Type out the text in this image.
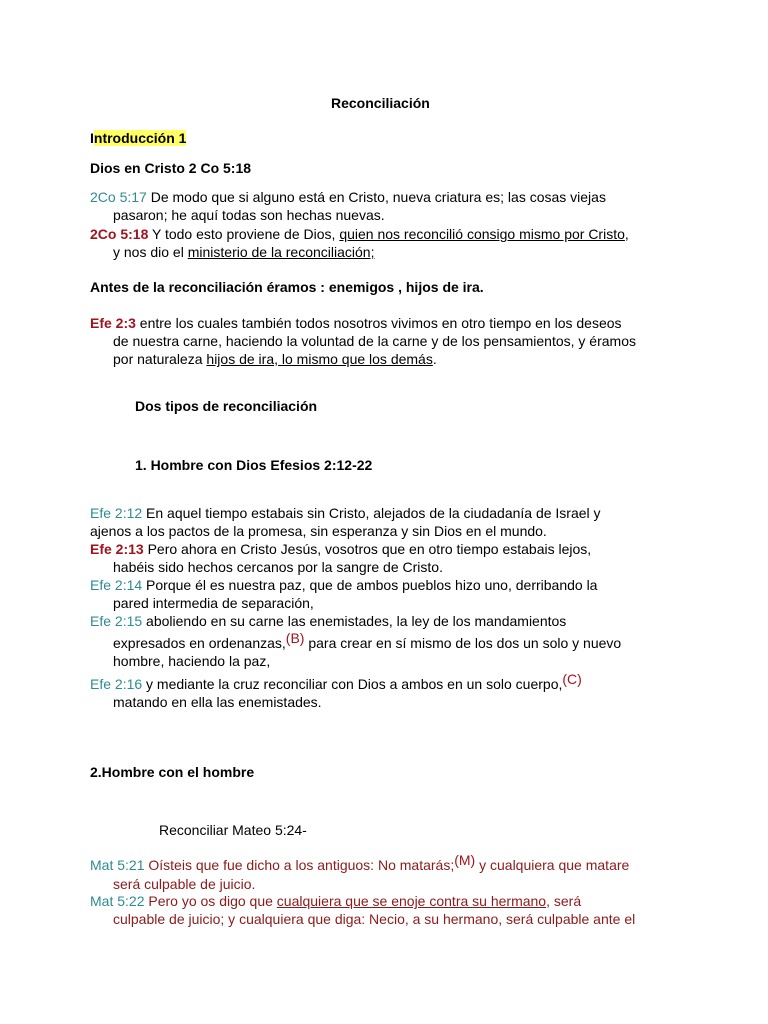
Reconciliación
Introducción 1
Dios en Cristo 2 Co 5:18
2Co 5:17 De modo que si alguno está en Cristo, nueva criatura es; las cosas viejas
pasaron; he aquí todas son hechas nuevas.
2Co 5:18 Y todo esto proviene de Dios, quien nos reconcilió consigo mismo por Cristo,
y nos dio el ministerio de la reconciliación;
Antes de la reconciliación éramos : enemigos , hijos de ira.
Efe 2:3 entre los cuales también todos nosotros vivimos en otro tiempo en los deseos
de nuestra carne, haciendo la voluntad de la carne y de los pensamientos, y éramos
por naturaleza hijos de ira, lo mismo que los demás.
Dos tipos de reconciliación
1. Hombre con Dios Efesios 2:12-22
Efe 2:12 En aquel tiempo estabais sin Cristo, alejados de la ciudadanía de Israel y
ajenos a los pactos de la promesa, sin esperanza y sin Dios en el mundo.
Efe 2:13 Pero ahora en Cristo Jesús, vosotros que en otro tiempo estabais lejos,
habéis sido hechos cercanos por la sangre de Cristo.
Efe 2:14 Porque él es nuestra paz, que de ambos pueblos hizo uno, derribando la
pared intermedia de separación,
Efe 2:15 aboliendo en su carne las enemistades, la ley de los mandamientos
expresados en ordenanzas,(B) para crear en sí mismo de los dos un solo y nuevo
hombre, haciendo la paz,
Efe 2:16 y mediante la cruz reconciliar con Dios a ambos en un solo cuerpo,(C)
matando en ella las enemistades.
2.Hombre con el hombre
Reconciliar Mateo 5:24-
Mat 5:21 Oísteis que fue dicho a los antiguos: No matarás;(M) y cualquiera que matare
será culpable de juicio.
Mat 5:22 Pero yo os digo que cualquiera que se enoje contra su hermano, será
culpable de juicio; y cualquiera que diga: Necio, a su hermano, será culpable ante el
